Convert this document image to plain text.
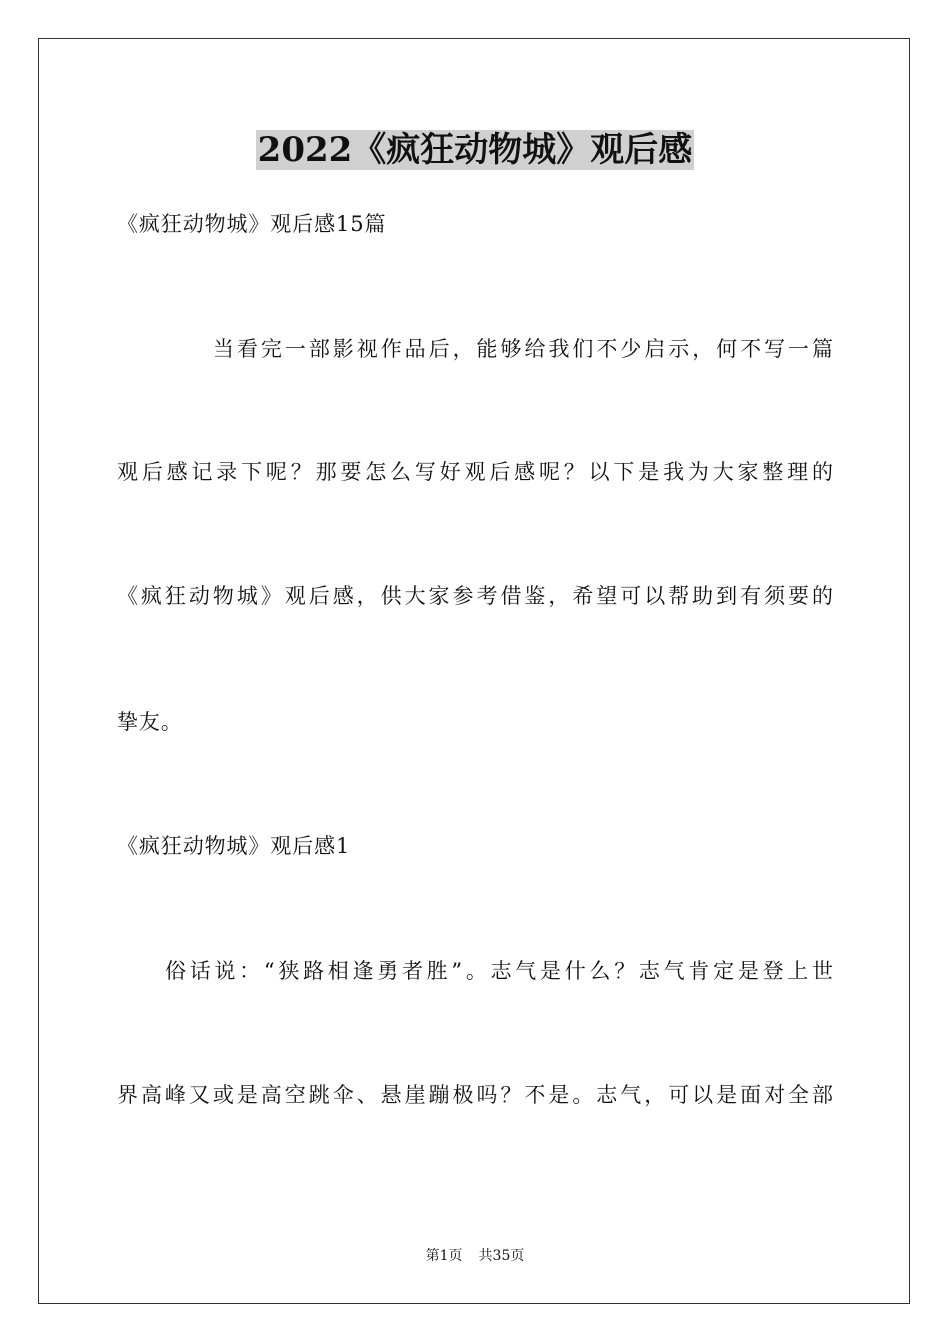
2022《疯狂动物城》观后感
《疯狂动物城》观后感15篇
当看完一部影视作品后，能够给我们不少启示，何不写一篇
观后感记录下呢？那要怎么写好观后感呢？以下是我为大家整理的
《疯狂动物城》观后感，供大家参考借鉴，希望可以帮助到有须要的
挚友。
《疯狂动物城》观后感1
俗话说：“狭路相逢勇者胜”。志气是什么？志气肯定是登上世
界高峰又或是高空跳伞、悬崖蹦极吗？不是。志气，可以是面对全部
第1页 共35页
